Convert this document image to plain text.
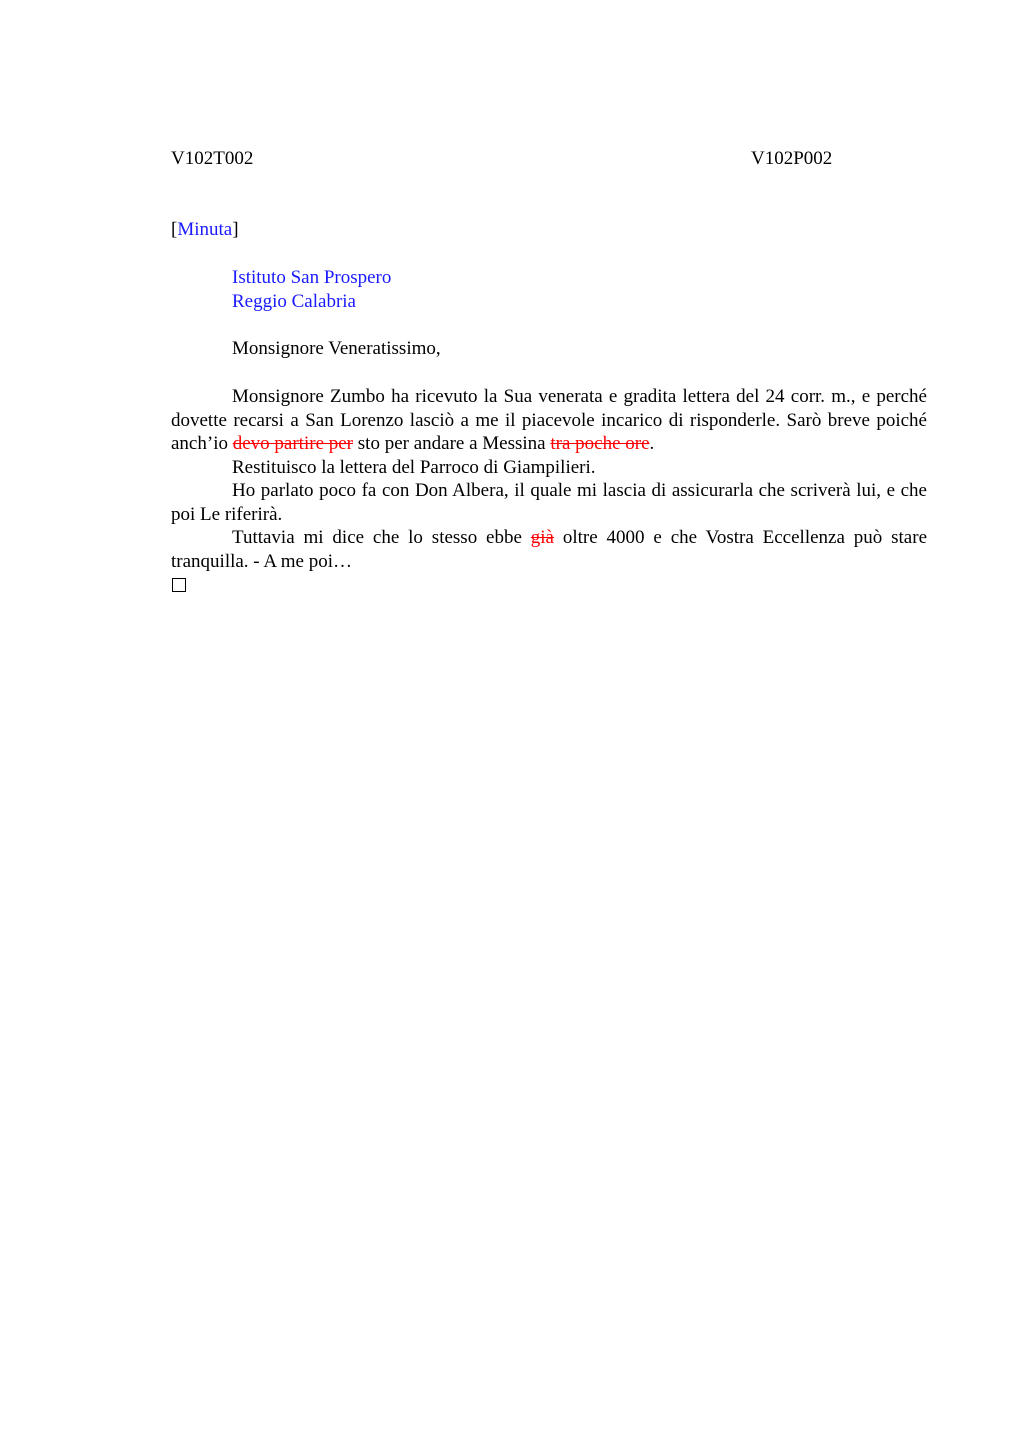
V102T002	V102P002
[Minuta]
Istituto San Prospero
Reggio Calabria
Monsignore Veneratissimo,

Monsignore Zumbo ha ricevuto la Sua venerata e gradita lettera del 24 corr. m., e perché dovette recarsi a San Lorenzo lasciò a me il piacevole incarico di risponderle. Sarò breve poiché anch’io devo partire per sto per andare a Messina tra poche ore.

Restituisco la lettera del Parroco di Giampilieri.

Ho parlato poco fa con Don Albera, il quale mi lascia di assicurarla che scriverà lui, e che poi Le riferirà.

Tuttavia mi dice che lo stesso ebbe già oltre 4000 e che Vostra Eccellenza può stare tranquilla. - A me poi…
